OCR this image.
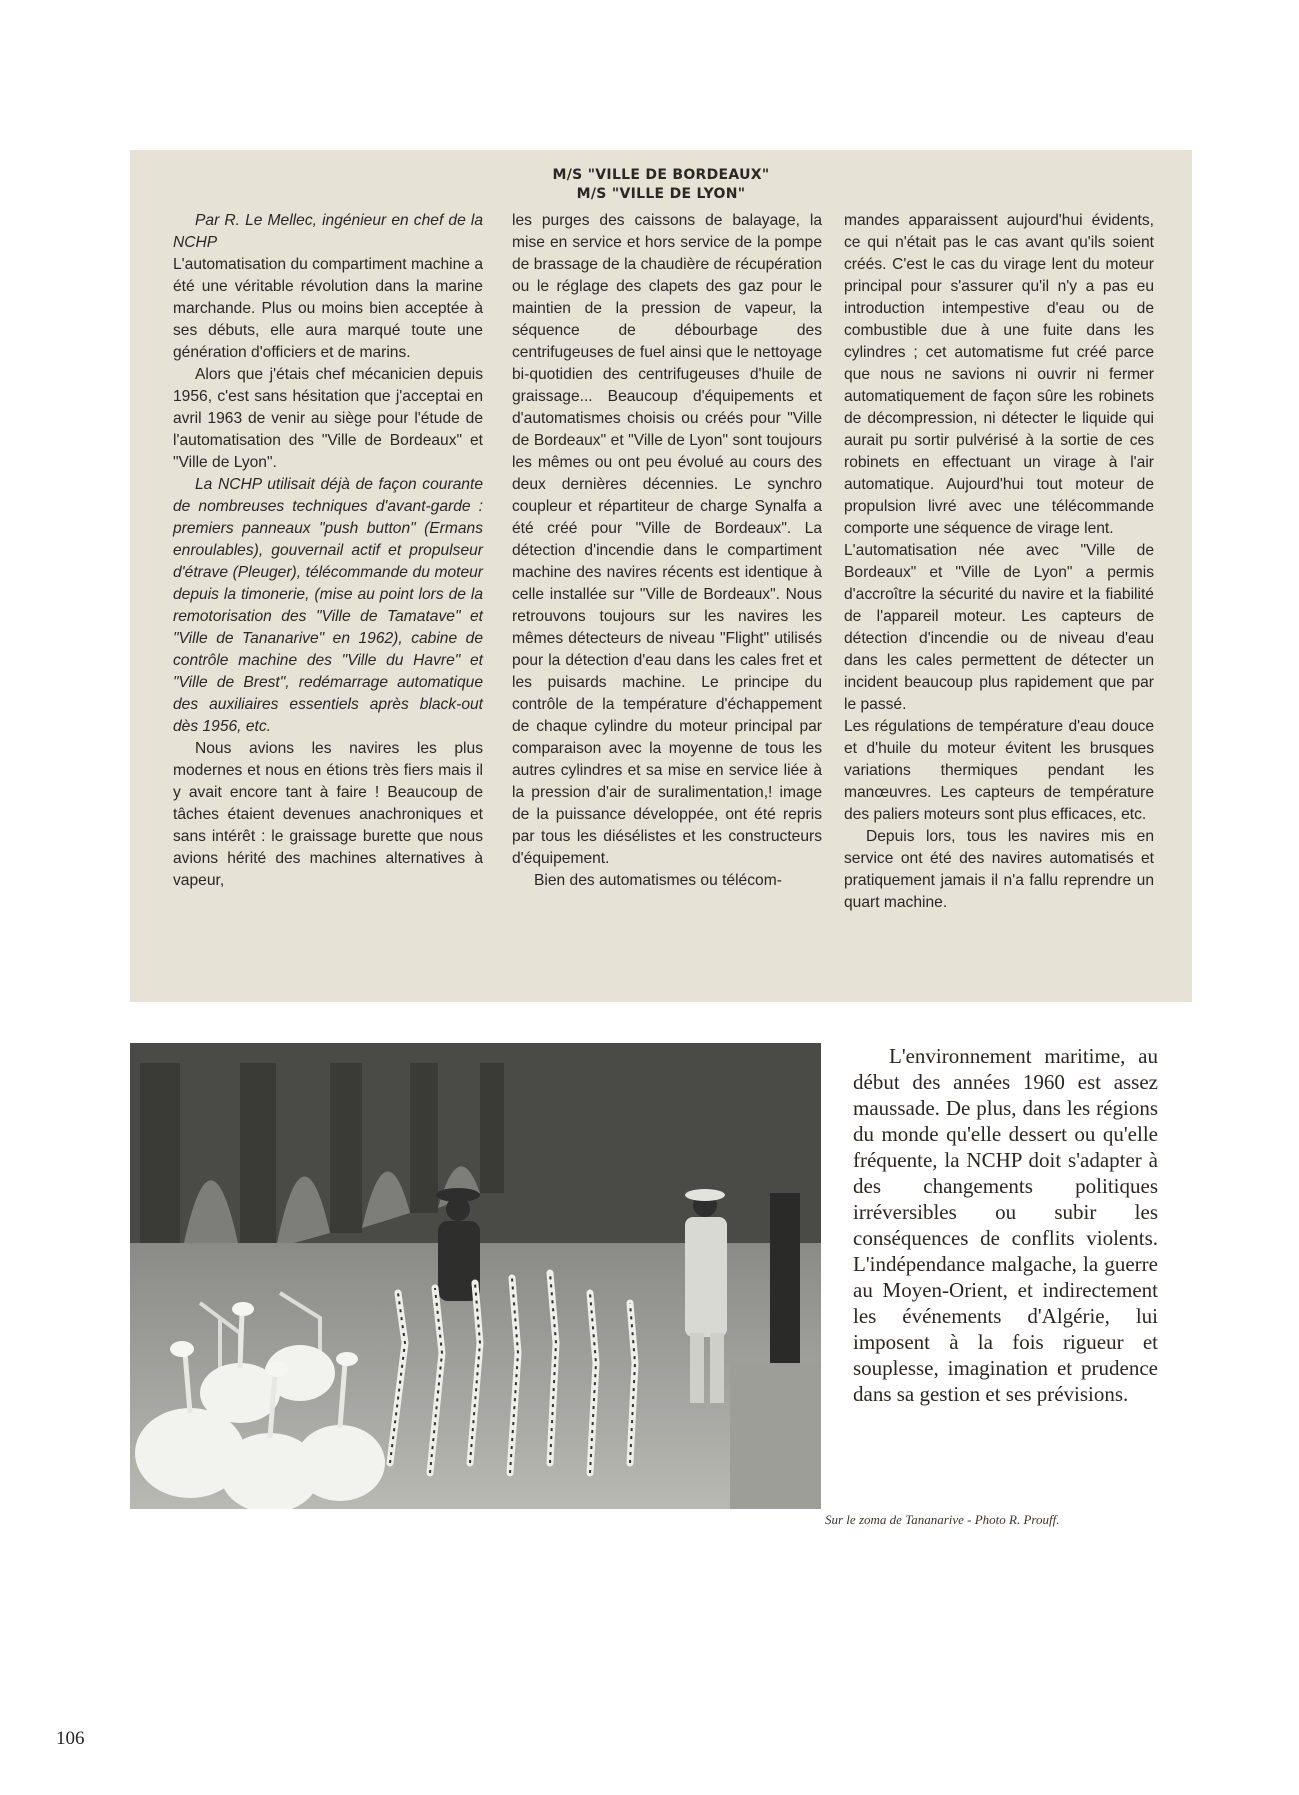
M/S "VILLE DE BORDEAUX"
M/S "VILLE DE LYON"

Par R. Le Mellec, ingénieur en chef de la NCHP

L'automatisation du compartiment machine a été une véritable révolution dans la marine marchande. Plus ou moins bien acceptée à ses débuts, elle aura marqué toute une génération d'officiers et de marins.

Alors que j'étais chef mécanicien depuis 1956, c'est sans hésitation que j'acceptai en avril 1963 de venir au siège pour l'étude de l'automatisation des "Ville de Bordeaux" et "Ville de Lyon".

La NCHP utilisait déjà de façon courante de nombreuses techniques d'avant-garde : premiers panneaux "push button" (Ermans enroulables), gouvernail actif et propulseur d'étrave (Pleuger), télécommande du moteur depuis la timonerie, (mise au point lors de la remotorisation des "Ville de Tamatave" et "Ville de Tananarive" en 1962), cabine de contrôle machine des "Ville du Havre" et "Ville de Brest", redémarrage automatique des auxiliaires essentiels après black-out dès 1956, etc.

Nous avions les navires les plus modernes et nous en étions très fiers mais il y avait encore tant à faire ! Beaucoup de tâches étaient devenues anachroniques et sans intérêt : le graissage burette que nous avions hérité des machines alternatives à vapeur,

les purges des caissons de balayage, la mise en service et hors service de la pompe de brassage de la chaudière de récupération ou le réglage des clapets des gaz pour le maintien de la pression de vapeur, la séquence de débourbage des centrifugeuses de fuel ainsi que le nettoyage bi-quotidien des centrifugeuses d'huile de graissage... Beaucoup d'équipements et d'automatismes choisis ou créés pour "Ville de Bordeaux" et "Ville de Lyon" sont toujours les mêmes ou ont peu évolué au cours des deux dernières décennies. Le synchro coupleur et répartiteur de charge Synalfa a été créé pour "Ville de Bordeaux". La détection d'incendie dans le compartiment machine des navires récents est identique à celle installée sur "Ville de Bordeaux". Nous retrouvons toujours sur les navires les mêmes détecteurs de niveau "Flight" utilisés pour la détection d'eau dans les cales fret et les puisards machine. Le principe du contrôle de la température d'échappement de chaque cylindre du moteur principal par comparaison avec la moyenne de tous les autres cylindres et sa mise en service liée à la pression d'air de suralimentation,! image de la puissance développée, ont été repris par tous les diésélistes et les constructeurs d'équipement.

Bien des automatismes ou télécom-

mandes apparaissent aujourd'hui évidents, ce qui n'était pas le cas avant qu'ils soient créés. C'est le cas du virage lent du moteur principal pour s'assurer qu'il n'y a pas eu introduction intempestive d'eau ou de combustible due à une fuite dans les cylindres ; cet automatisme fut créé parce que nous ne savions ni ouvrir ni fermer automatiquement de façon sûre les robinets de décompression, ni détecter le liquide qui aurait pu sortir pulvérisé à la sortie de ces robinets en effectuant un virage à l'air automatique. Aujourd'hui tout moteur de propulsion livré avec une télécommande comporte une séquence de virage lent.

L'automatisation née avec "Ville de Bordeaux" et "Ville de Lyon" a permis d'accroître la sécurité du navire et la fiabilité de l'appareil moteur. Les capteurs de détection d'incendie ou de niveau d'eau dans les cales permettent de détecter un incident beaucoup plus rapidement que par le passé.

Les régulations de température d'eau douce et d'huile du moteur évitent les brusques variations thermiques pendant les manœuvres. Les capteurs de température des paliers moteurs sont plus efficaces, etc.

Depuis lors, tous les navires mis en service ont été des navires automatisés et pratiquement jamais il n'a fallu reprendre un quart machine.

L'environnement maritime, au début des années 1960 est assez maussade. De plus, dans les régions du monde qu'elle dessert ou qu'elle fréquente, la NCHP doit s'adapter à des changements politiques irréversibles ou subir les conséquences de conflits violents. L'indépendance malgache, la guerre au Moyen-Orient, et indirectement les événements d'Algérie, lui imposent à la fois rigueur et souplesse, imagination et prudence dans sa gestion et ses prévisions.

Sur le zoma de Tananarive - Photo R. Prouff.
106
